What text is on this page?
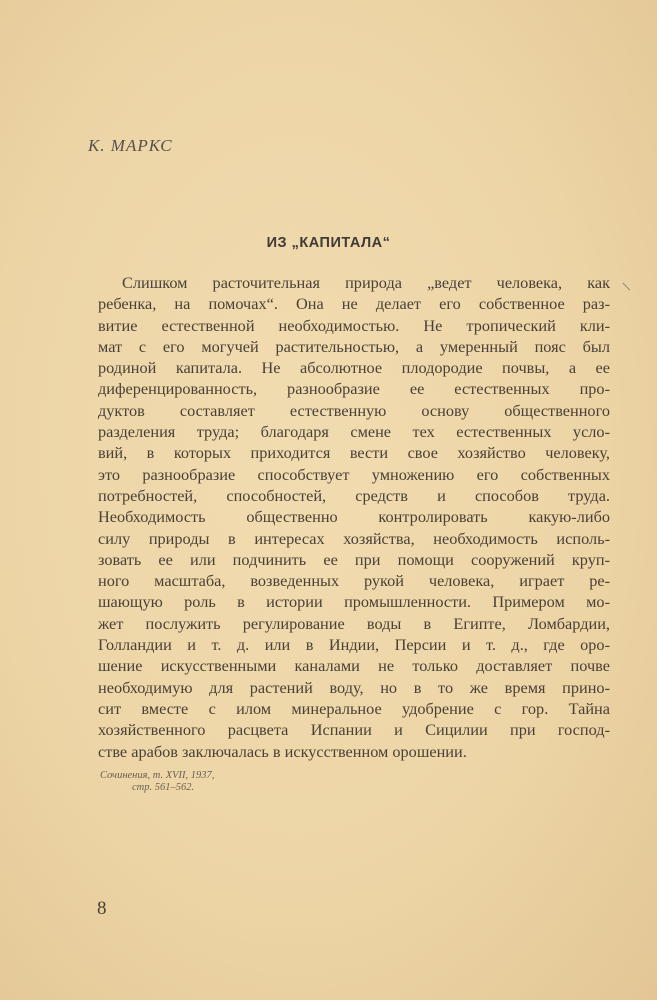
К. МАРКС
ИЗ „КАПИТАЛА“
Слишком расточительная природа „ведет человека, как
ребенка, на помочах“. Она не делает его собственное раз-
витие естественной необходимостью. Не тропический кли-
мат с его могучей растительностью, а умеренный пояс был
родиной капитала. Не абсолютное плодородие почвы, а ее
диференцированность, разнообразие ее естественных про-
дуктов составляет естественную основу общественного
разделения труда; благодаря смене тех естественных усло-
вий, в которых приходится вести свое хозяйство человеку,
это разнообразие способствует умножению его собственных
потребностей, способностей, средств и способов труда.
Необходимость общественно контролировать какую-либо
силу природы в интересах хозяйства, необходимость исполь-
зовать ее или подчинить ее при помощи сооружений круп-
ного масштаба, возведенных рукой человека, играет ре-
шающую роль в истории промышленности. Примером мо-
жет послужить регулирование воды в Египте, Ломбардии,
Голландии и т. д. или в Индии, Персии и т. д., где оро-
шение искусственными каналами не только доставляет почве
необходимую для растений воду, но в то же время прино-
сит вместе с илом минеральное удобрение с гор. Тайна
хозяйственного расцвета Испании и Сицилии при господ-
стве арабов заключалась в искусственном орошении.
Сочинения, т. XVII, 1937,
стр. 561–562.
8
\
